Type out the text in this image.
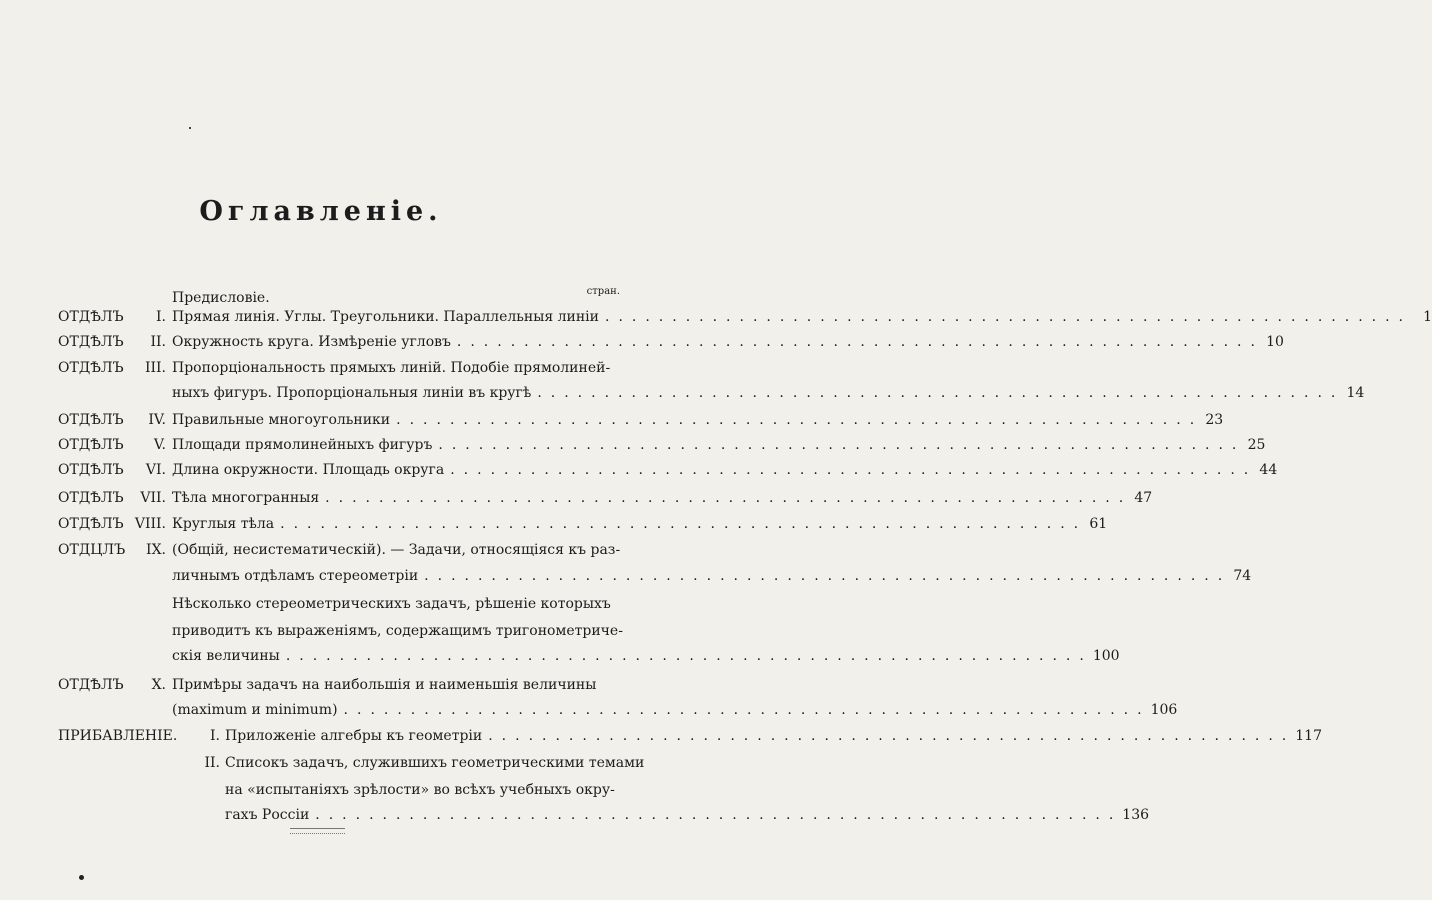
Оглавленіе.
стран.
Предисловіе.
ОТДѢЛЪ I. Прямая линія. Углы. Треугольники. Параллельныя линіи ............................................................ 1
ОТДѢЛЪ II. Окружность круга. Измѣреніе угловъ ............................................................ 10
ОТДѢЛЪ III. Пропорціональность прямыхъ линій. Подобіе прямолиней-
ныхъ фигуръ. Пропорціональныя линіи въ кругѣ ............................................................ 14
ОТДѢЛЪ IV. Правильные многоугольники ............................................................ 23
ОТДѢЛЪ V. Площади прямолинейныхъ фигуръ ............................................................ 25
ОТДѢЛЪ VI. Длина окружности. Площадь округа ............................................................ 44
ОТДѢЛЪ VII. Тѣла многогранныя ............................................................ 47
ОТДѢЛЪ VIII. Круглыя тѣла ............................................................ 61
ОТДЦЛЪ IX. (Общій, несистематическій). — Задачи, относящіяся къ раз-
личнымъ отдѣламъ стереометріи ............................................................ 74
Нѣсколько стереометрическихъ задачъ, рѣшеніе которыхъ
приводитъ къ выраженіямъ, содержащимъ тригонометриче-
скія величины ............................................................ 100
ОТДѢЛЪ X. Примѣры задачъ на наибольшія и наименьшія величины
(maximum и minimum) ............................................................ 106
ПРИБАВЛЕНІЕ. I. Приложеніе алгебры къ геометріи ............................................................ 117
II. Списокъ задачъ, служившихъ геометрическими темами
на «испытаніяхъ зрѣлости» во всѣхъ учебныхъ окру-
гахъ Россіи ............................................................ 136
